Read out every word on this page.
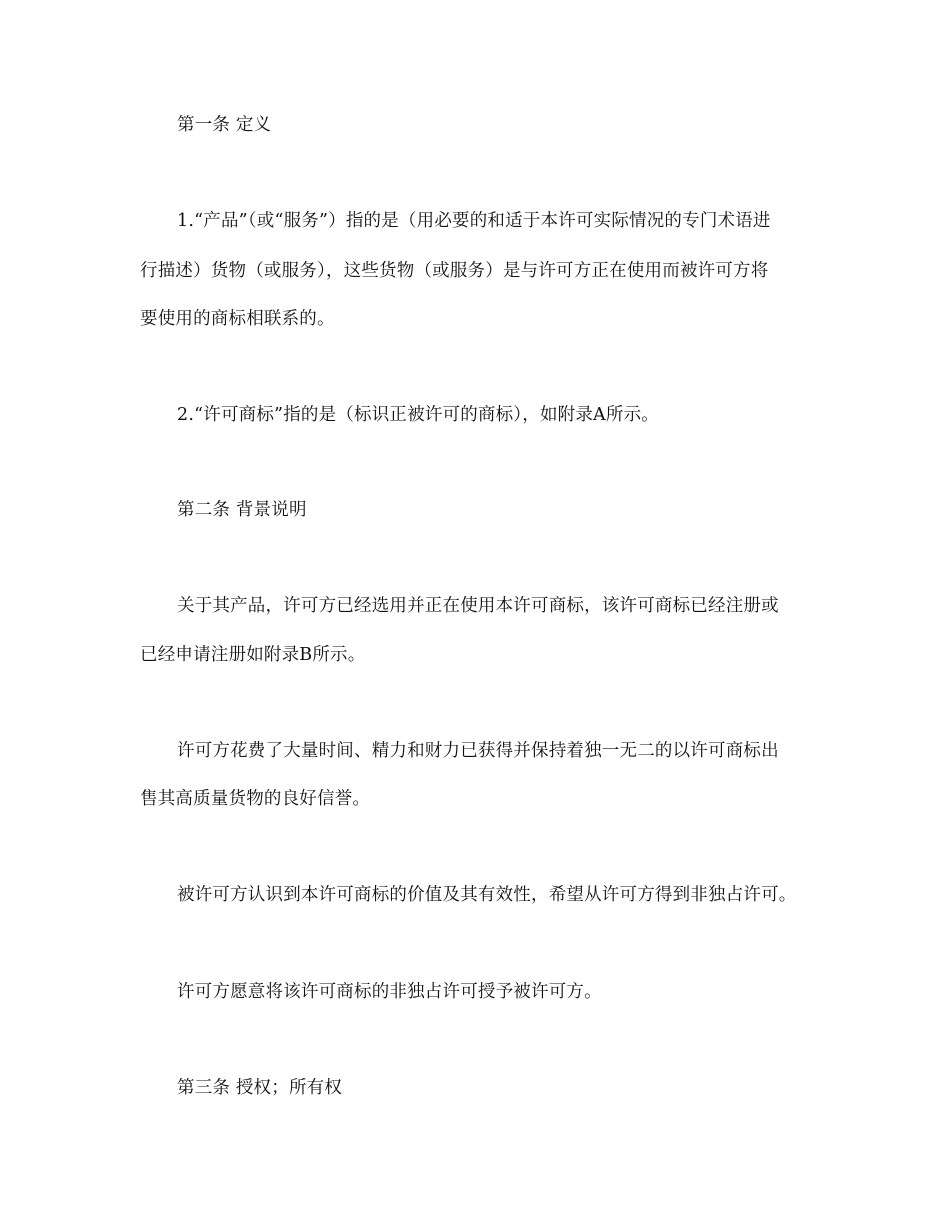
第一条 定义
1.“产品”（或“服务”）指的是（用必要的和适于本许可实际情况的专门术语进
行描述）货物（或服务），这些货物（或服务）是与许可方正在使用而被许可方将
要使用的商标相联系的。
2.“许可商标”指的是（标识正被许可的商标），如附录A所示。
第二条 背景说明
关于其产品，许可方已经选用并正在使用本许可商标，该许可商标已经注册或
已经申请注册如附录B所示。
许可方花费了大量时间、精力和财力已获得并保持着独一无二的以许可商标出
售其高质量货物的良好信誉。
被许可方认识到本许可商标的价值及其有效性，希望从许可方得到非独占许可。
许可方愿意将该许可商标的非独占许可授予被许可方。
第三条 授权；所有权
